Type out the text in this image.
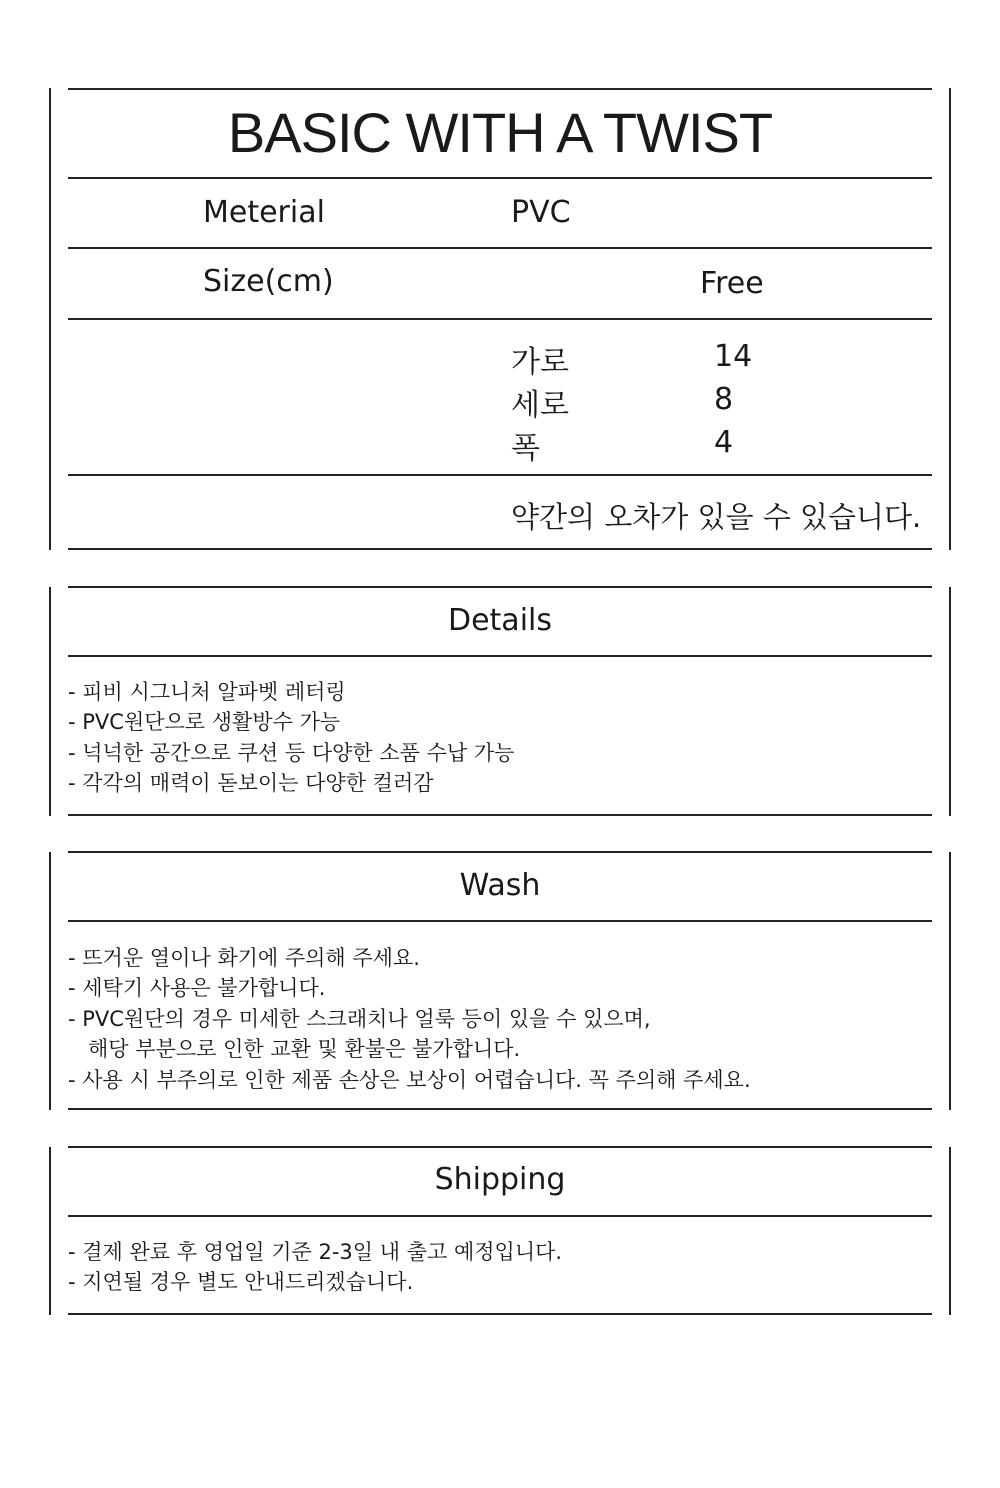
BASIC WITH A TWIST
Meterial	PVC
Size(cm)	Free
가로	14
세로	8
폭	4
약간의 오차가 있을 수 있습니다.
Details
- 피비 시그니처 알파벳 레터링
- PVC원단으로 생활방수 가능
- 넉넉한 공간으로 쿠션 등 다양한 소품 수납 가능
- 각각의 매력이 돋보이는 다양한 컬러감
Wash
- 뜨거운 열이나 화기에 주의해 주세요.
- 세탁기 사용은 불가합니다.
- PVC원단의 경우 미세한 스크래치나 얼룩 등이 있을 수 있으며,
해당 부분으로 인한 교환 및 환불은 불가합니다.
- 사용 시 부주의로 인한 제품 손상은 보상이 어렵습니다. 꼭 주의해 주세요.
Shipping
- 결제 완료 후 영업일 기준 2-3일 내 출고 예정입니다.
- 지연될 경우 별도 안내드리겠습니다.
